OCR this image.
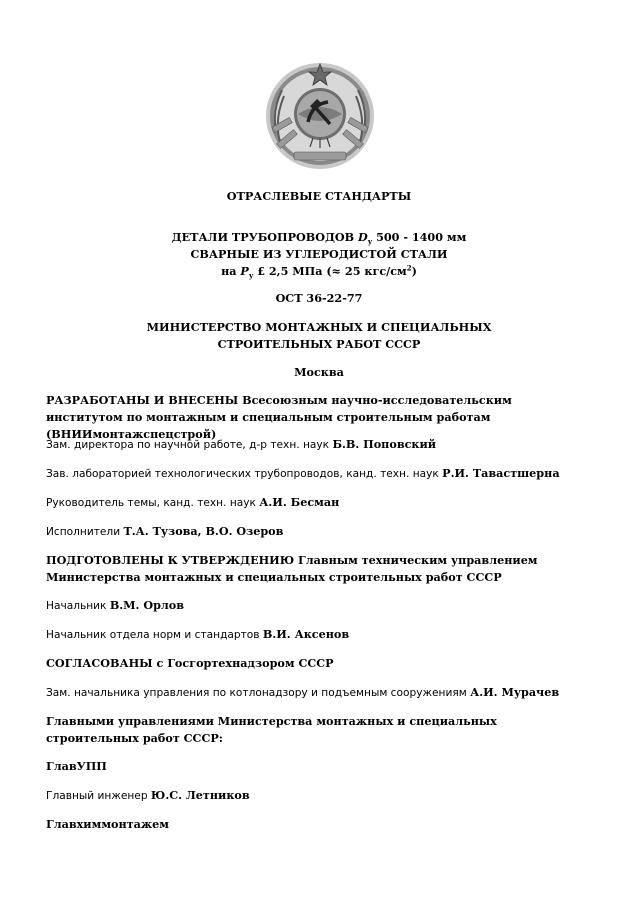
ОТРАСЛЕВЫЕ СТАНДАРТЫ
ДЕТАЛИ ТРУБОПРОВОДОВ $D_у$ 500 - 1400 мм
СВАРНЫЕ ИЗ УГЛЕРОДИСТОЙ СТАЛИ
на $P_у$ £ 2,5 МПа (≈ 25 кгс/$см^2$)
ОСТ 36-22-77
МИНИСТЕРСТВО МОНТАЖНЫХ И СПЕЦИАЛЬНЫХ
СТРОИТЕЛЬНЫХ РАБОТ СССР
Москва
РАЗРАБОТАНЫ И ВНЕСЕНЫ Всесоюзным научно-исследовательским институтом по монтажным и специальным строительным работам (ВНИИмонтажспецстрой)
Зам. директора по научной работе, д-р техн. наук Б.В. Поповский
Зав. лабораторией технологических трубопроводов, канд. техн. наук Р.И. Тавастшерна
Руководитель темы, канд. техн. наук А.И. Бесман
Исполнители Т.А. Тузова, В.О. Озеров
ПОДГОТОВЛЕНЫ К УТВЕРЖДЕНИЮ Главным техническим управлением Министерства монтажных и специальных строительных работ СССР
Начальник В.М. Орлов
Начальник отдела норм и стандартов В.И. Аксенов
СОГЛАСОВАНЫ с Госгортехнадзором СССР
Зам. начальника управления по котлонадзору и подъемным сооружениям А.И. Мурачев
Главными управлениями Министерства монтажных и специальных строительных работ СССР:
ГлавУПП
Главный инженер Ю.С. Летников
Главхиммонтажем
